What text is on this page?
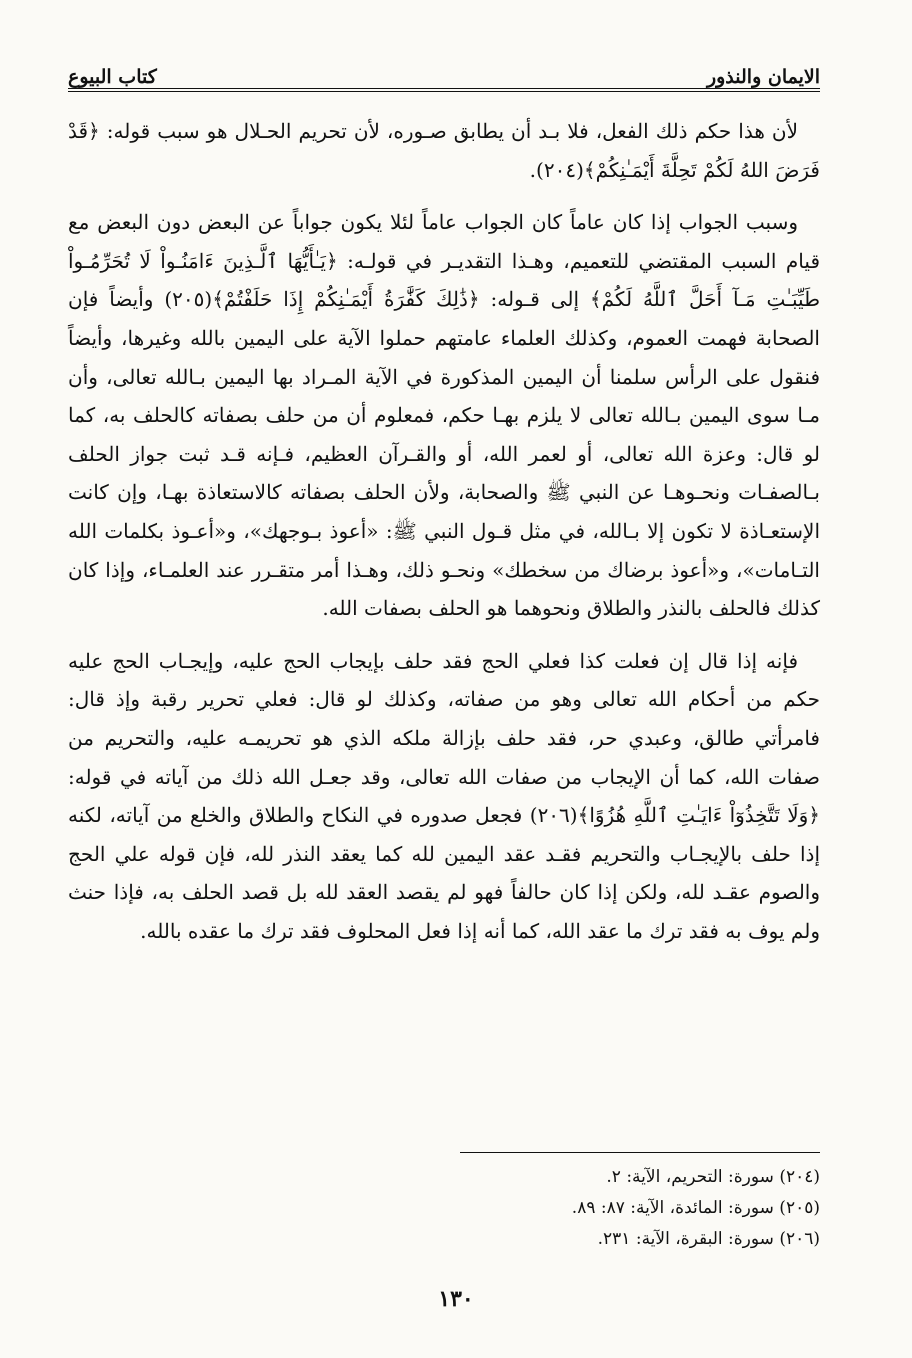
الايمان والنذور
كتاب البيوع

لأن هذا حكم ذلك الفعل، فلا بـد أن يطابق صـوره، لأن تحريم الحـلال هو سبب قوله: ﴿قَدْ فَرَضَ اللهُ لَكُمْ تَحِلَّةَ أَيْمَـٰنِكُمْ﴾(٢٠٤).

وسبب الجواب إذا كان عاماً كان الجواب عاماً لئلا يكون جواباً عن البعض دون البعض مع قيام السبب المقتضي للتعميم، وهـذا التقديـر في قولـه: ﴿يَـٰأَيُّهَا ٱلَّـذِينَ ءَامَنُـواْ لَا تُحَرِّمُـواْ طَيِّبَـٰتِ مَـآ أَحَلَّ ٱللَّهُ لَكُمْ﴾ إلى قـوله: ﴿ذَٰلِكَ كَفَّٰرَةُ أَيْمَـٰنِكُمْ إِذَا حَلَفْتُمْ﴾(٢٠٥) وأيضاً فإن الصحابة فهمت العموم، وكذلك العلماء عامتهم حملوا الآية على اليمين بالله وغيرها، وأيضاً فنقول على الرأس سلمنا أن اليمين المذكورة في الآية المـراد بها اليمين بـالله تعالى، وأن مـا سوى اليمين بـالله تعالى لا يلزم بهـا حكم، فمعلوم أن من حلف بصفاته كالحلف به، كما لو قال: وعزة الله تعالى، أو لعمر الله، أو والقـرآن العظيم، فـإنه قـد ثبت جواز الحلف بـالصفـات ونحـوهـا عن النبي ﷺ والصحابة، ولأن الحلف بصفاته كالاستعاذة بهـا، وإن كانت الإستعـاذة لا تكون إلا بـالله، في مثل قـول النبي ﷺ: «أعوذ بـوجهك»، و«أعـوذ بكلمات الله التـامات»، و«أعوذ برضاك من سخطك» ونحـو ذلك، وهـذا أمر متقـرر عند العلمـاء، وإذا كان كذلك فالحلف بالنذر والطلاق ونحوهما هو الحلف بصفات الله.

فإنه إذا قال إن فعلت كذا فعلي الحج فقد حلف بإيجاب الحج عليه، وإيجـاب الحج عليه حكم من أحكام الله تعالى وهو من صفاته، وكذلك لو قال: فعلي تحرير رقبة وإذ قال: فامرأتي طالق، وعبدي حر، فقد حلف بإزالة ملكه الذي هو تحريمـه عليه، والتحريم من صفات الله، كما أن الإيجاب من صفات الله تعالى، وقد جعـل الله ذلك من آياته في قوله: ﴿وَلَا تَتَّخِذُوٓاْ ءَايَـٰتِ ٱللَّهِ هُزُوًا﴾(٢٠٦) فجعل صدوره في النكاح والطلاق والخلع من آياته، لكنه إذا حلف بالإيجـاب والتحريم فقـد عقد اليمين لله كما يعقد النذر لله، فإن قوله علي الحج والصوم عقـد لله، ولكن إذا كان حالفاً فهو لم يقصد العقد لله بل قصد الحلف به، فإذا حنث ولم يوف به فقد ترك ما عقد الله، كما أنه إذا فعل المحلوف فقد ترك ما عقده بالله.

(٢٠٤) سورة: التحريم، الآية: ٢.
(٢٠٥) سورة: المائدة، الآية: ٨٧: ٨٩.
(٢٠٦) سورة: البقرة، الآية: ٢٣١.
١٣٠
